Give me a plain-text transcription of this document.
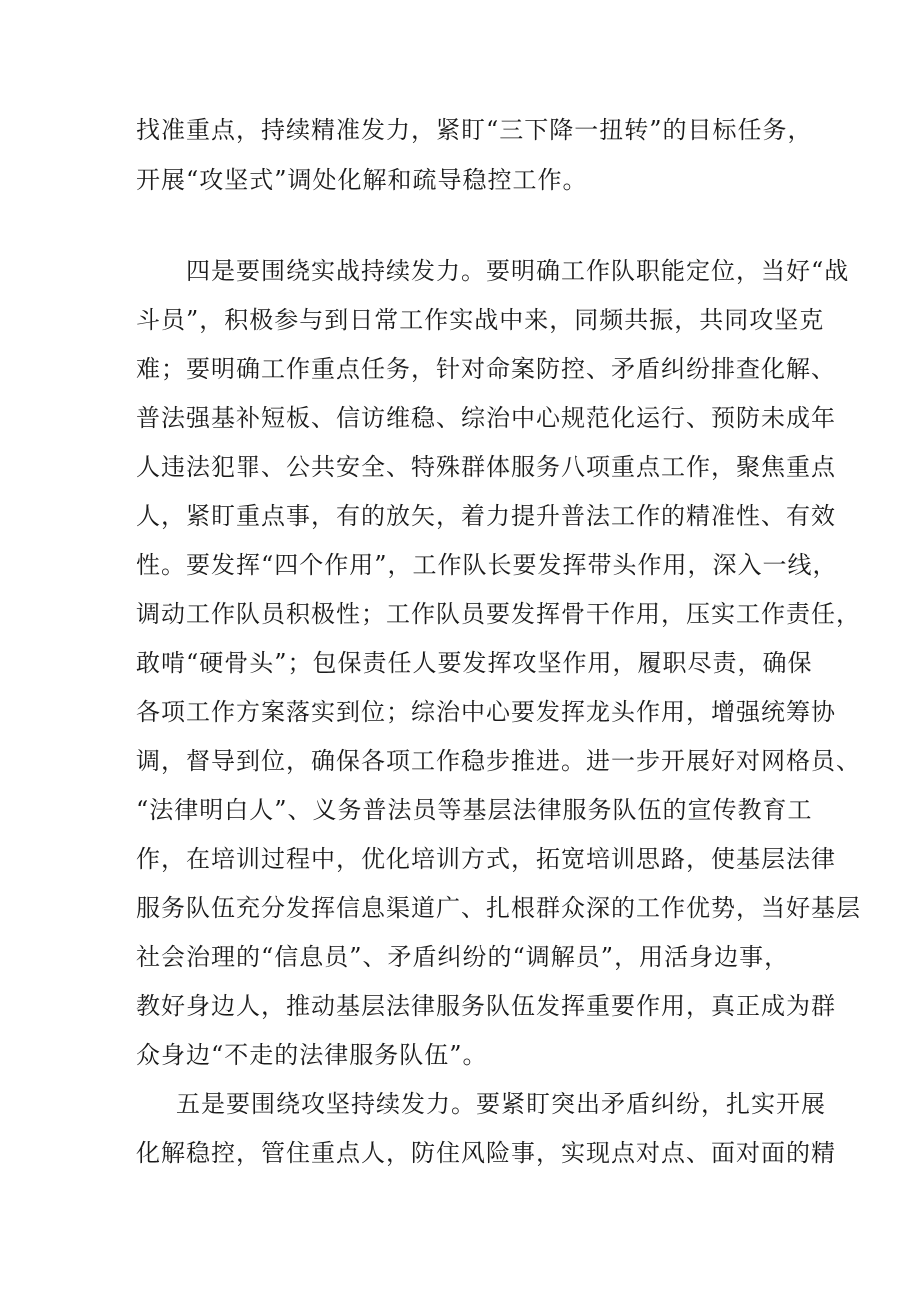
找准重点，持续精准发力，紧盯“三下降一扭转”的目标任务，
开展“攻坚式”调处化解和疏导稳控工作。
四是要围绕实战持续发力。要明确工作队职能定位，当好“战
斗员”，积极参与到日常工作实战中来，同频共振，共同攻坚克
难；要明确工作重点任务，针对命案防控、矛盾纠纷排查化解、
普法强基补短板、信访维稳、综治中心规范化运行、预防未成年
人违法犯罪、公共安全、特殊群体服务八项重点工作，聚焦重点
人，紧盯重点事，有的放矢，着力提升普法工作的精准性、有效
性。要发挥“四个作用”，工作队长要发挥带头作用，深入一线，
调动工作队员积极性；工作队员要发挥骨干作用，压实工作责任，
敢啃“硬骨头”；包保责任人要发挥攻坚作用，履职尽责，确保
各项工作方案落实到位；综治中心要发挥龙头作用，增强统筹协
调，督导到位，确保各项工作稳步推进。进一步开展好对网格员、
“法律明白人”、义务普法员等基层法律服务队伍的宣传教育工
作，在培训过程中，优化培训方式，拓宽培训思路，使基层法律
服务队伍充分发挥信息渠道广、扎根群众深的工作优势，当好基层
社会治理的“信息员”、矛盾纠纷的“调解员”，用活身边事，
教好身边人，推动基层法律服务队伍发挥重要作用，真正成为群
众身边“不走的法律服务队伍”。
五是要围绕攻坚持续发力。要紧盯突出矛盾纠纷，扎实开展
化解稳控，管住重点人，防住风险事，实现点对点、面对面的精
